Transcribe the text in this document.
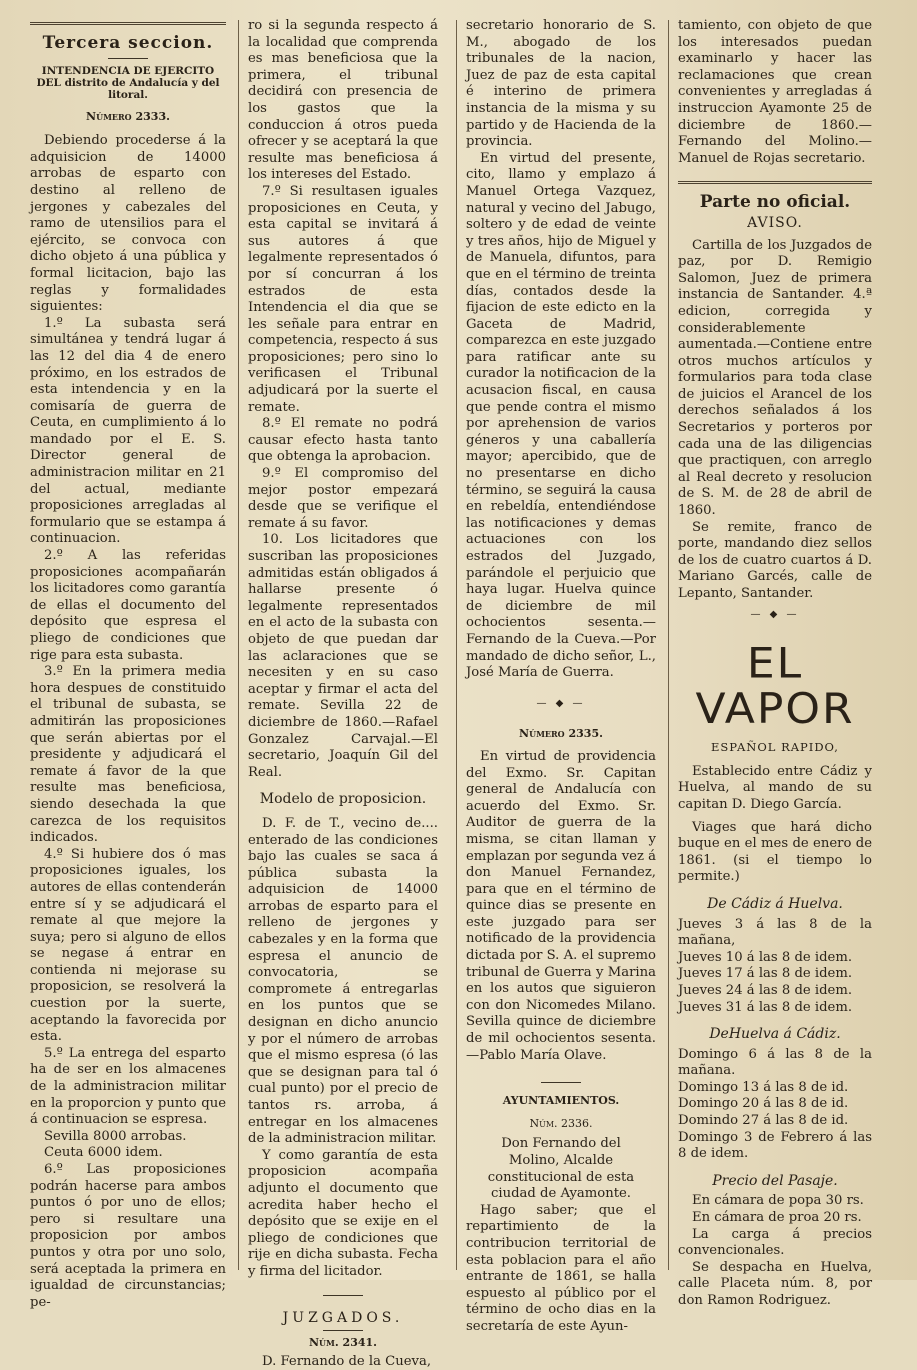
Tercera seccion.
INTENDENCIA DE EJERCITO DEL distrito de Andalucía y del litoral.
Número 2333.

Debiendo procederse á la adquisicion de 14000 arrobas de esparto con destino al relleno de jergones y cabezales del ramo de utensilios para el ejército, se convoca con dicho objeto á una pública y formal licitacion, bajo las reglas y formalidades siguientes:

1.º La subasta será simultánea y tendrá lugar á las 12 del dia 4 de enero próximo, en los estrados de esta intendencia y en la comisaría de guerra de Ceuta, en cumplimiento á lo mandado por el E. S. Director general de administracion militar en 21 del actual, mediante proposiciones arregladas al formulario que se estampa á continuacion.

2.º A las referidas proposiciones acompañarán los licitadores como garantía de ellas el documento del depósito que espresa el pliego de condiciones que rige para esta subasta.

3.º En la primera media hora despues de constituido el tribunal de subasta, se admitirán las proposiciones que serán abiertas por el presidente y adjudicará el remate á favor de la que resulte mas beneficiosa, siendo desechada la que carezca de los requisitos indicados.

4.º Si hubiere dos ó mas proposiciones iguales, los autores de ellas contenderán entre sí y se adjudicará el remate al que mejore la suya; pero si alguno de ellos se negase á entrar en contienda ni mejorase su proposicion, se resolverá la cuestion por la suerte, aceptando la favorecida por esta.

5.º La entrega del esparto ha de ser en los almacenes de la administracion militar en la proporcion y punto que á continuacion se espresa.

Sevilla 8000 arrobas.

Ceuta 6000 idem.

6.º Las proposiciones podrán hacerse para ambos puntos ó por uno de ellos; pero si resultare una proposicion por ambos puntos y otra por uno solo, será aceptada la primera en igualdad de circunstancias; pe-

ro si la segunda respecto á la localidad que comprenda es mas beneficiosa que la primera, el tribunal decidirá con presencia de los gastos que la conduccion á otros pueda ofrecer y se aceptará la que resulte mas beneficiosa á los intereses del Estado.

7.º Si resultasen iguales proposiciones en Ceuta, y esta capital se invitará á sus autores á que legalmente representados ó por sí concurran á los estrados de esta Intendencia el dia que se les señale para entrar en competencia, respecto á sus proposiciones; pero sino lo verificasen el Tribunal adjudicará por la suerte el remate.

8.º El remate no podrá causar efecto hasta tanto que obtenga la aprobacion.

9.º El compromiso del mejor postor empezará desde que se verifique el remate á su favor.

10. Los licitadores que suscriban las proposiciones admitidas están obligados á hallarse presente ó legalmente representados en el acto de la subasta con objeto de que puedan dar las aclaraciones que se necesiten y en su caso aceptar y firmar el acta del remate. Sevilla 22 de diciembre de 1860.—Rafael Gonzalez Carvajal.—El secretario, Joaquín Gil del Real.

Modelo de proposicion.

D. F. de T., vecino de.... enterado de las condiciones bajo las cuales se saca á pública subasta la adquisicion de 14000 arrobas de esparto para el relleno de jergones y cabezales y en la forma que espresa el anuncio de convocatoria, se compromete á entregarlas en los puntos que se designan en dicho anuncio y por el número de arrobas que el mismo espresa (ó las que se designan para tal ó cual punto) por el precio de tantos rs. arroba, á entregar en los almacenes de la administracion militar.

Y como garantía de esta proposicion acompaña adjunto el documento que acredita haber hecho el depósito que se exije en el pliego de condiciones que rije en dicha subasta. Fecha y firma del licitador.

JUZGADOS.
Núm. 2341.

D. Fernando de la Cueva,

secretario honorario de S. M., abogado de los tribunales de la nacion, Juez de paz de esta capital é interino de primera instancia de la misma y su partido y de Hacienda de la provincia.

En virtud del presente, cito, llamo y emplazo á Manuel Ortega Vazquez, natural y vecino del Jabugo, soltero y de edad de veinte y tres años, hijo de Miguel y de Manuela, difuntos, para que en el término de treinta días, contados desde la fijacion de este edicto en la Gaceta de Madrid, comparezca en este juzgado para ratificar ante su curador la notificacion de la acusacion fiscal, en causa que pende contra el mismo por aprehension de varios géneros y una caballería mayor; apercibido, que de no presentarse en dicho término, se seguirá la causa en rebeldía, entendiéndose las notificaciones y demas actuaciones con los estrados del Juzgado, parándole el perjuicio que haya lugar. Huelva quince de diciembre de mil ochocientos sesenta.—Fernando de la Cueva.—Por mandado de dicho señor, L., José María de Guerra.

— ◆ —
Número 2335.

En virtud de providencia del Exmo. Sr. Capitan general de Andalucía con acuerdo del Exmo. Sr. Auditor de guerra de la misma, se citan llaman y emplazan por segunda vez á don Manuel Fernandez, para que en el término de quince dias se presente en este juzgado para ser notificado de la providencia dictada por S. A. el supremo tribunal de Guerra y Marina en los autos que siguieron con don Nicomedes Milano. Sevilla quince de diciembre de mil ochocientos sesenta.—Pablo María Olave.

AYUNTAMIENTOS.
Núm. 2336.

Don Fernando del Molino, Alcalde constitucional de esta ciudad de Ayamonte.

Hago saber; que el repartimiento de la contribucion territorial de esta poblacion para el año entrante de 1861, se halla espuesto al público por el término de ocho dias en la secretaría de este Ayun-

tamiento, con objeto de que los interesados puedan examinarlo y hacer las reclamaciones que crean convenientes y arregladas á instruccion Ayamonte 25 de diciembre de 1860.—Fernando del Molino.—Manuel de Rojas secretario.

Parte no oficial.
AVISO.

Cartilla de los Juzgados de paz, por D. Remigio Salomon, Juez de primera instancia de Santander. 4.ª edicion, corregida y considerablemente aumentada.—Contiene entre otros muchos artículos y formularios para toda clase de juicios el Arancel de los derechos señalados á los Secretarios y porteros por cada una de las diligencias que practiquen, con arreglo al Real decreto y resolucion de S. M. de 28 de abril de 1860.

Se remite, franco de porte, mandando diez sellos de los de cuatro cuartos á D. Mariano Garcés, calle de Lepanto, Santander.

— ◆ —
EL VAPOR
ESPAÑOL RAPIDO,

Establecido entre Cádiz y Huelva, al mando de su capitan D. Diego García.

Viages que hará dicho buque en el mes de enero de 1861. (si el tiempo lo permite.)

De Cádiz á Huelva.

Jueves 3 á las 8 de la mañana,

Jueves 10 á las 8 de idem.

Jueves 17 á las 8 de idem.

Jueves 24 á las 8 de idem.

Jueves 31 á las 8 de idem.

DeHuelva á Cádiz.

Domingo 6 á las 8 de la mañana.

Domingo 13 á las 8 de id.

Domingo 20 á las 8 de id.

Domindo 27 á las 8 de id.

Domingo 3 de Febrero á las 8 de idem.

Precio del Pasaje.

En cámara de popa 30 rs.

En cámara de proa 20 rs.

La carga á precios convencionales.

Se despacha en Huelva, calle Placeta núm. 8, por don Ramon Rodriguez.
